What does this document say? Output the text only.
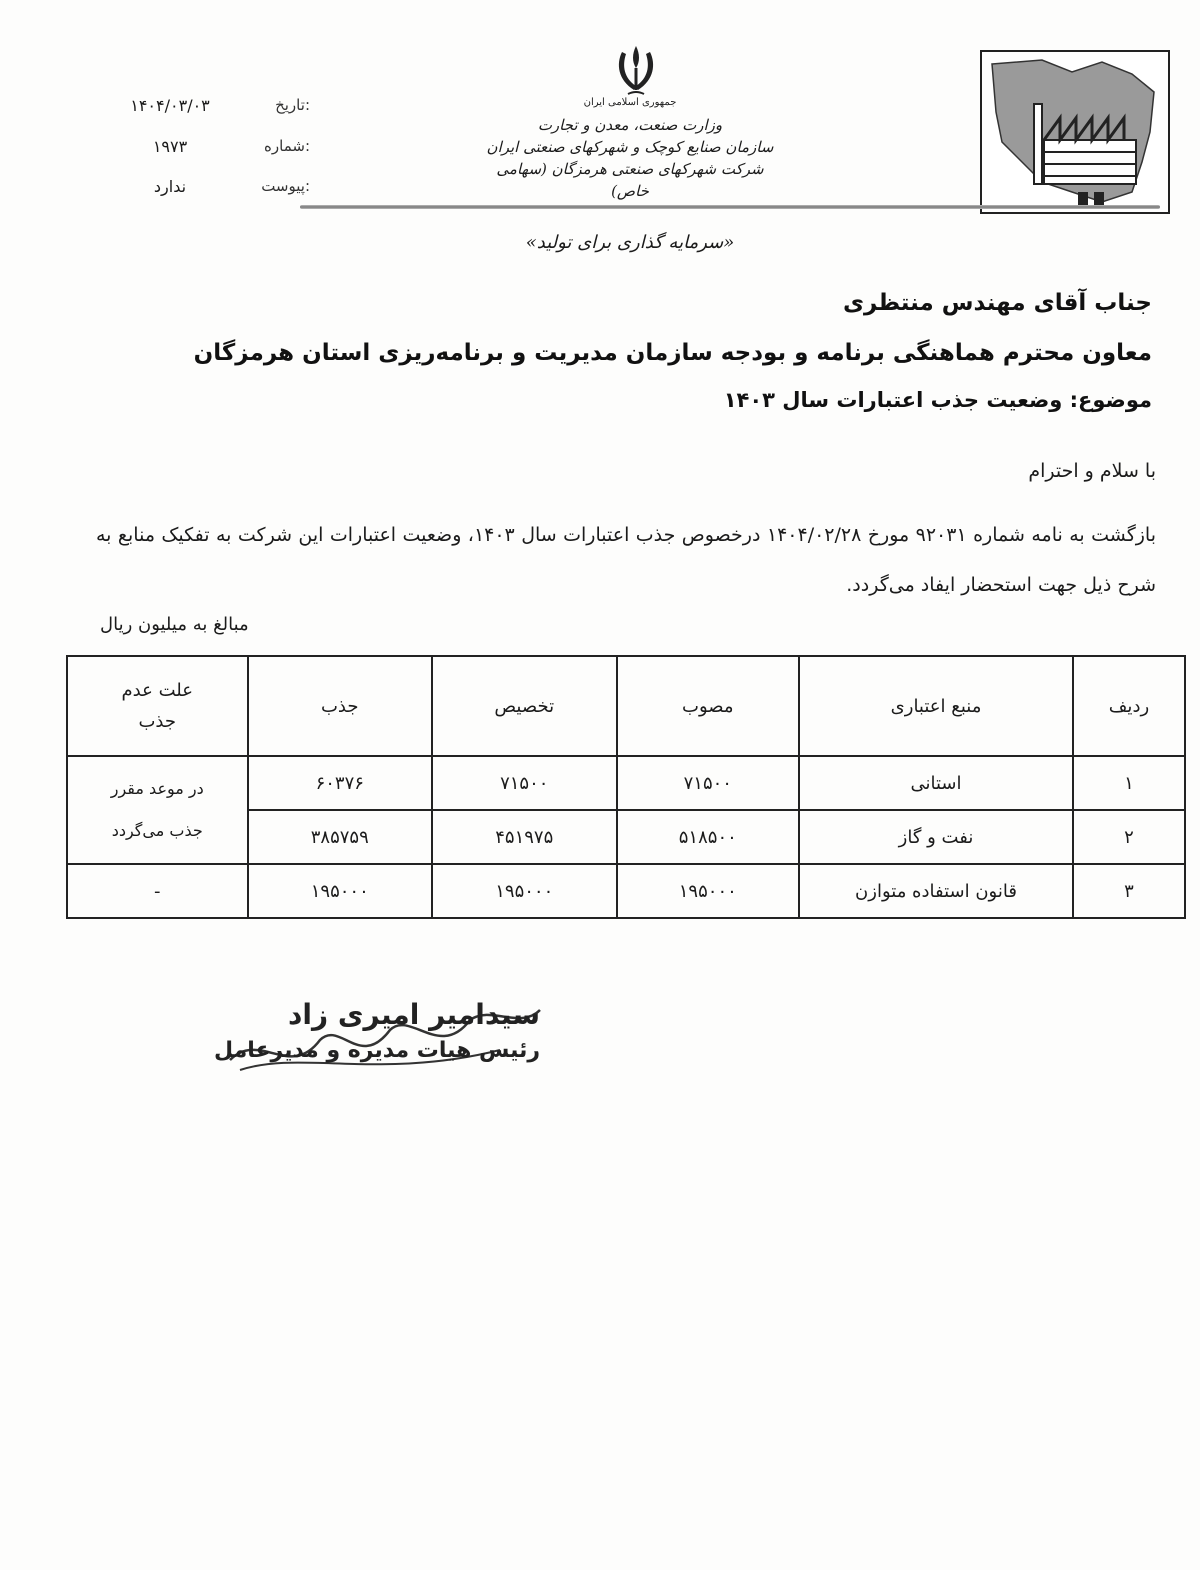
تاریخ:
۱۴۰۴/۰۳/۰۳
شماره:
۱۹۷۳
پیوست:
ندارد
جمهوری اسلامی ایران
وزارت صنعت، معدن و تجارت
سازمان صنایع کوچک و شهرکهای صنعتی ایران
شرکت شهرکهای صنعتی هرمزگان (سهامی خاص)
«سرمایه گذاری برای تولید»
جناب آقای مهندس منتظری
معاون محترم هماهنگی برنامه و بودجه سازمان مدیریت و برنامه‌ریزی استان هرمزگان
موضوع: وضعیت جذب اعتبارات سال ۱۴۰۳
با سلام و احترام
بازگشت به نامه شماره ۹۲۰۳۱ مورخ ۱۴۰۴/۰۲/۲۸ درخصوص جذب اعتبارات سال ۱۴۰۳، وضعیت اعتبارات این شرکت به تفکیک منابع به شرح ذیل جهت استحضار ایفاد می‌گردد.
مبالغ به میلیون ریال
ردیف	منبع اعتباری	مصوب	تخصیص	جذب	علت عدم
جذب

۱	استانی	۷۱۵۰۰	۷۱۵۰۰	۶۰۳۷۶	در موعد مقرر
جذب می‌گردد

۲	نفت و گاز	۵۱۸۵۰۰	۴۵۱۹۷۵	۳۸۵۷۵۹	
۳	قانون استفاده متوازن	۱۹۵۰۰۰	۱۹۵۰۰۰	۱۹۵۰۰۰	-
سیدامیر امیری زاد
رئیس هیات مدیره و مدیرعامل
